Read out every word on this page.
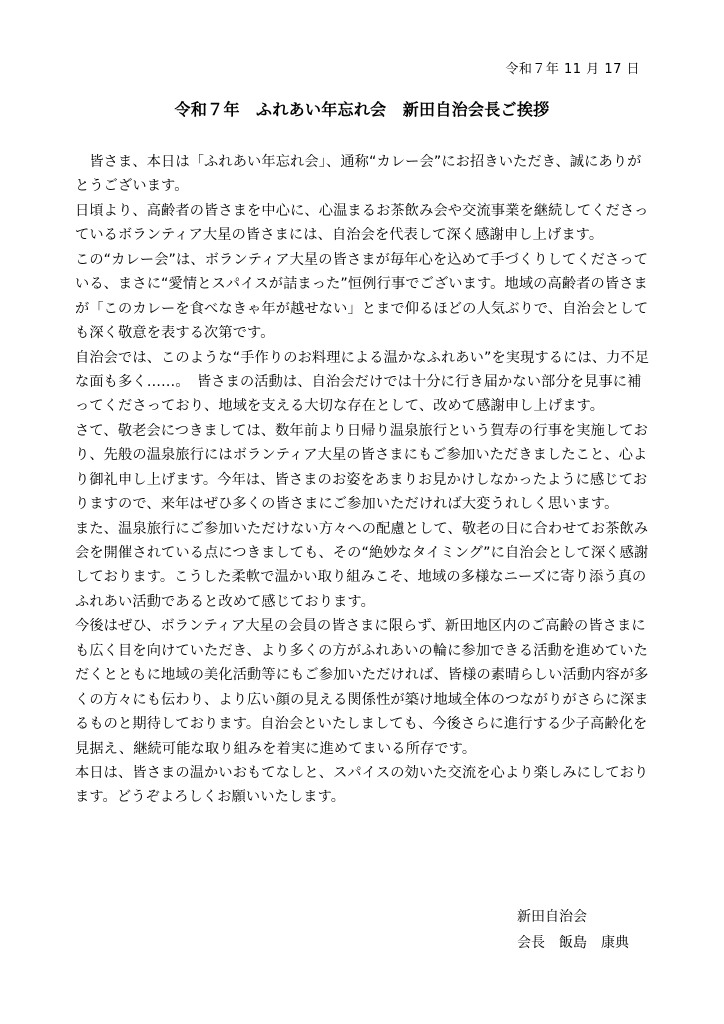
令和７年 11 月 17 日
令和７年　ふれあい年忘れ会　新田自治会長ご挨拶
　皆さま、本日は「ふれあい年忘れ会」、通称“カレー会”にお招きいただき、誠にありが
とうございます。
日頃より、高齢者の皆さまを中心に、心温まるお茶飲み会や交流事業を継続してくださっ
ているボランティア大星の皆さまには、自治会を代表して深く感謝申し上げます。
この“カレー会”は、ボランティア大星の皆さまが毎年心を込めて手づくりしてくださって
いる、まさに“愛情とスパイスが詰まった”恒例行事でございます。地域の高齢者の皆さま
が「このカレーを食べなきゃ年が越せない」とまで仰るほどの人気ぶりで、自治会として
も深く敬意を表する次第です。
自治会では、このような“手作りのお料理による温かなふれあい”を実現するには、力不足
な面も多く……。　皆さまの活動は、自治会だけでは十分に行き届かない部分を見事に補
ってくださっており、地域を支える大切な存在として、改めて感謝申し上げます。
さて、敬老会につきましては、数年前より日帰り温泉旅行という賀寿の行事を実施してお
り、先般の温泉旅行にはボランティア大星の皆さまにもご参加いただきましたこと、心よ
り御礼申し上げます。今年は、皆さまのお姿をあまりお見かけしなかったように感じてお
りますので、来年はぜひ多くの皆さまにご参加いただければ大変うれしく思います。
また、温泉旅行にご参加いただけない方々への配慮として、敬老の日に合わせてお茶飲み
会を開催されている点につきましても、その“絶妙なタイミング”に自治会として深く感謝
しております。こうした柔軟で温かい取り組みこそ、地域の多様なニーズに寄り添う真の
ふれあい活動であると改めて感じております。
今後はぜひ、ボランティア大星の会員の皆さまに限らず、新田地区内のご高齢の皆さまに
も広く目を向けていただき、より多くの方がふれあいの輪に参加できる活動を進めていた
だくとともに地域の美化活動等にもご参加いただければ、皆様の素晴らしい活動内容が多
くの方々にも伝わり、より広い顔の見える関係性が築け地域全体のつながりがさらに深ま
るものと期待しております。自治会といたしましても、今後さらに進行する少子高齢化を
見据え、継続可能な取り組みを着実に進めてまいる所存です。
本日は、皆さまの温かいおもてなしと、スパイスの効いた交流を心より楽しみにしており
ます。どうぞよろしくお願いいたします。
新田自治会
会長　飯島　康典
